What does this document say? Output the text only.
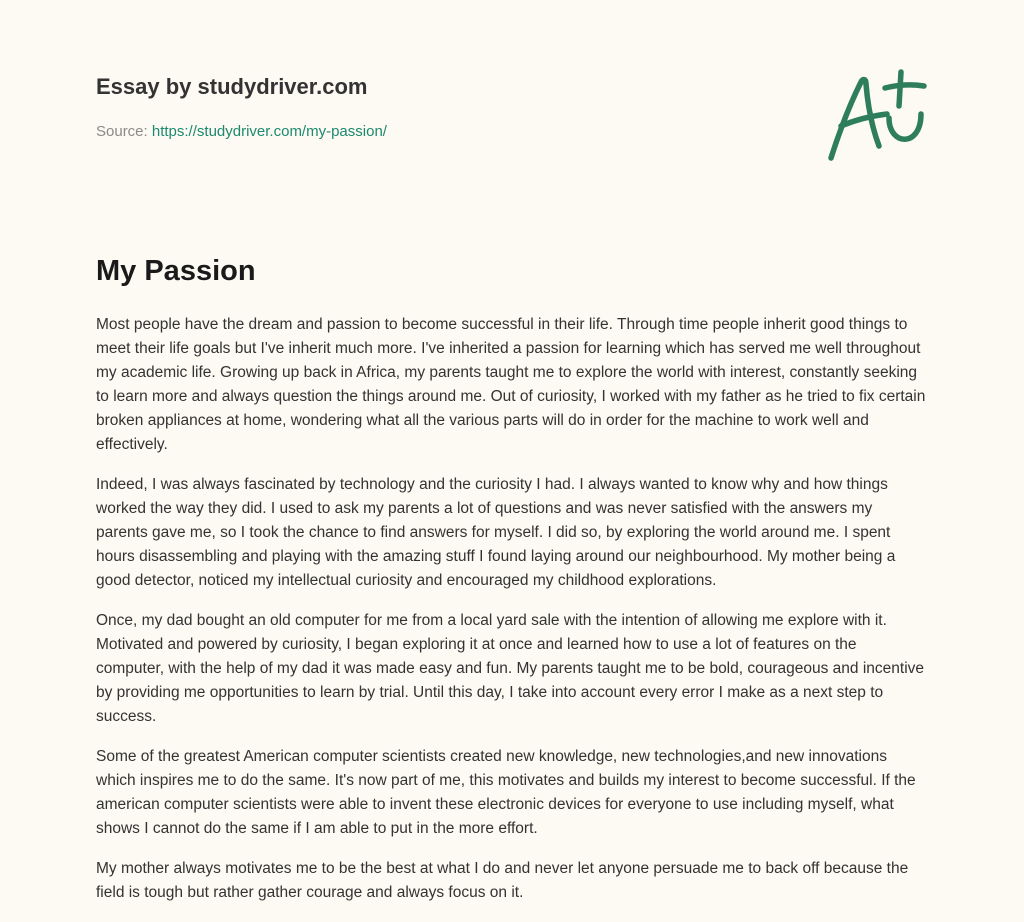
Essay by studydriver.com
Source: https://studydriver.com/my-passion/
My Passion

Most people have the dream and passion to become successful in their life. Through time people inherit good things to meet their life goals but I've inherit much more. I've inherited a passion for learning which has served me well throughout my academic life. Growing up back in Africa, my parents taught me to explore the world with interest, constantly seeking to learn more and always question the things around me. Out of curiosity, I worked with my father as he tried to fix certain broken appliances at home, wondering what all the various parts will do in order for the machine to work well and effectively.

Indeed, I was always fascinated by technology and the curiosity I had. I always wanted to know why and how things worked the way they did. I used to ask my parents a lot of questions and was never satisfied with the answers my parents gave me, so I took the chance to find answers for myself. I did so, by exploring the world around me. I spent hours disassembling and playing with the amazing stuff I found laying around our neighbourhood. My mother being a good detector, noticed my intellectual curiosity and encouraged my childhood explorations.

Once, my dad bought an old computer for me from a local yard sale with the intention of allowing me explore with it. Motivated and powered by curiosity, I began exploring it at once and learned how to use a lot of features on the computer, with the help of my dad it was made easy and fun. My parents taught me to be bold, courageous and incentive by providing me opportunities to learn by trial. Until this day, I take into account every error I make as a next step to success.

Some of the greatest American computer scientists created new knowledge, new technologies,and new innovations which inspires me to do the same. It's now part of me, this motivates and builds my interest to become successful. If the american computer scientists were able to invent these electronic devices for everyone to use including myself, what shows I cannot do the same if I am able to put in the more effort.

My mother always motivates me to be the best at what I do and never let anyone persuade me to back off because the field is tough but rather gather courage and always focus on it.
